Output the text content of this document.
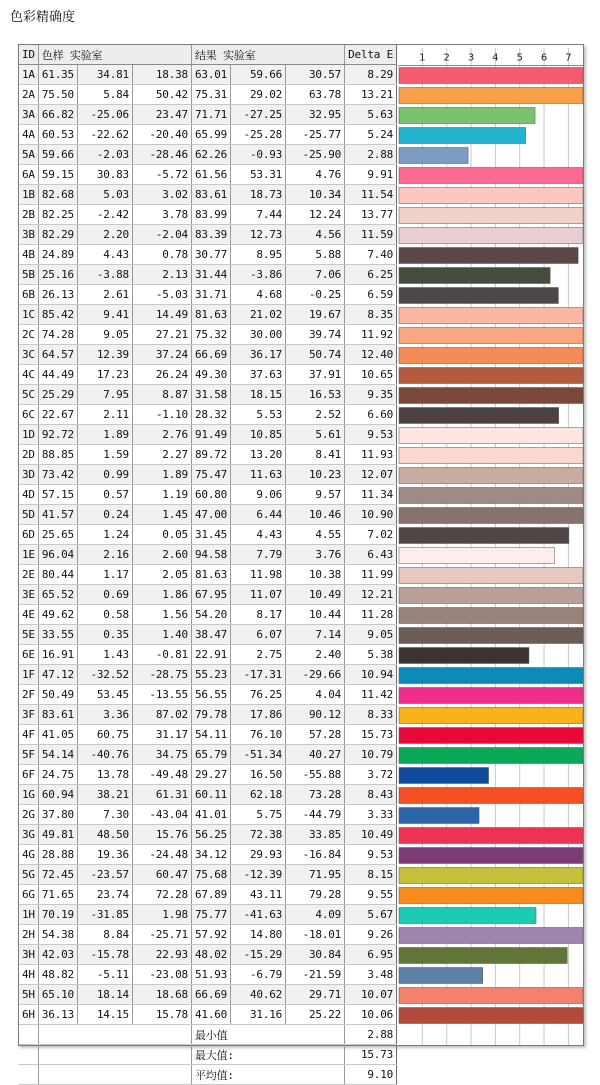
色彩精确度
ID	色样 实验室			结果 实验室			Delta E
1A	61.35	34.81	18.38	63.01	59.66	30.57	8.29
2A	75.50	5.84	50.42	75.31	29.02	63.78	13.21
3A	66.82	-25.06	23.47	71.71	-27.25	32.95	5.63
4A	60.53	-22.62	-20.40	65.99	-25.28	-25.77	5.24
5A	59.66	-2.03	-28.46	62.26	-0.93	-25.90	2.88
6A	59.15	30.83	-5.72	61.56	53.31	4.76	9.91
1B	82.68	5.03	3.02	83.61	18.73	10.34	11.54
2B	82.25	-2.42	3.78	83.99	7.44	12.24	13.77
3B	82.29	2.20	-2.04	83.39	12.73	4.56	11.59
4B	24.89	4.43	0.78	30.77	8.95	5.88	7.40
5B	25.16	-3.88	2.13	31.44	-3.86	7.06	6.25
6B	26.13	2.61	-5.03	31.71	4.68	-0.25	6.59
1C	85.42	9.41	14.49	81.63	21.02	19.67	8.35
2C	74.28	9.05	27.21	75.32	30.00	39.74	11.92
3C	64.57	12.39	37.24	66.69	36.17	50.74	12.40
4C	44.49	17.23	26.24	49.30	37.63	37.91	10.65
5C	25.29	7.95	8.87	31.58	18.15	16.53	9.35
6C	22.67	2.11	-1.10	28.32	5.53	2.52	6.60
1D	92.72	1.89	2.76	91.49	10.85	5.61	9.53
2D	88.85	1.59	2.27	89.72	13.20	8.41	11.93
3D	73.42	0.99	1.89	75.47	11.63	10.23	12.07
4D	57.15	0.57	1.19	60.80	9.06	9.57	11.34
5D	41.57	0.24	1.45	47.00	6.44	10.46	10.90
6D	25.65	1.24	0.05	31.45	4.43	4.55	7.02
1E	96.04	2.16	2.60	94.58	7.79	3.76	6.43
2E	80.44	1.17	2.05	81.63	11.98	10.38	11.99
3E	65.52	0.69	1.86	67.95	11.07	10.49	12.21
4E	49.62	0.58	1.56	54.20	8.17	10.44	11.28
5E	33.55	0.35	1.40	38.47	6.07	7.14	9.05
6E	16.91	1.43	-0.81	22.91	2.75	2.40	5.38
1F	47.12	-32.52	-28.75	55.23	-17.31	-29.66	10.94
2F	50.49	53.45	-13.55	56.55	76.25	4.04	11.42
3F	83.61	3.36	87.02	79.78	17.86	90.12	8.33
4F	41.05	60.75	31.17	54.11	76.10	57.28	15.73
5F	54.14	-40.76	34.75	65.79	-51.34	40.27	10.79
6F	24.75	13.78	-49.48	29.27	16.50	-55.88	3.72
1G	60.94	38.21	61.31	60.11	62.18	73.28	8.43
2G	37.80	7.30	-43.04	41.01	5.75	-44.79	3.33
3G	49.81	48.50	15.76	56.25	72.38	33.85	10.49
4G	28.88	19.36	-24.48	34.12	29.93	-16.84	9.53
5G	72.45	-23.57	60.47	75.68	-12.39	71.95	8.15
6G	71.65	23.74	72.28	67.89	43.11	79.28	9.55
1H	70.19	-31.85	1.98	75.77	-41.63	4.09	5.67
2H	54.38	8.84	-25.71	57.92	14.80	-18.01	9.26
3H	42.03	-15.78	22.93	48.02	-15.29	30.84	6.95
4H	48.82	-5.11	-23.08	51.93	-6.79	-21.59	3.48
5H	65.10	18.14	18.68	66.69	40.62	29.71	10.07
6H	36.13	14.15	15.78	41.60	31.16	25.22	10.06
				最小值			2.88
				最大值:			15.73
				平均值:			9.10
1 2 3 4 5 6 7
